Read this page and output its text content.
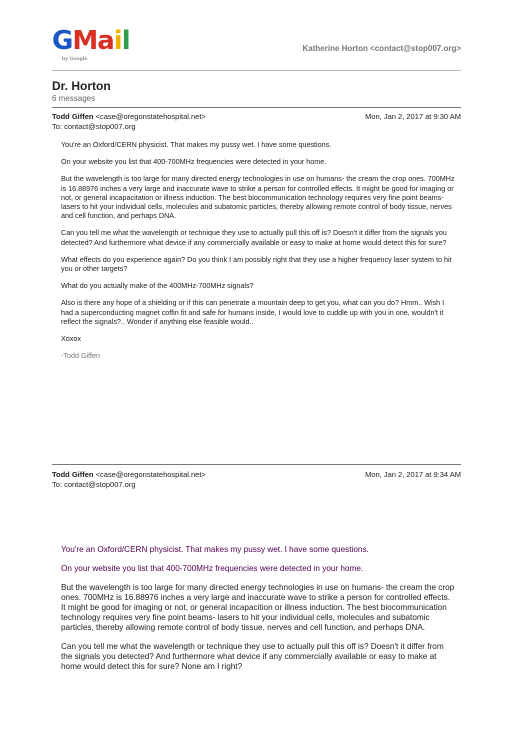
GMail
by Google
Katherine Horton <contact@stop007.org>
Dr. Horton
6 messages
Todd Giffen <case@oregonstatehospital.net>	Mon, Jan 2, 2017 at 9:30 AM
To: contact@stop007.org

You're an Oxford/CERN physicist. That makes my pussy wet. I have some questions.

On your website you list that 400-700MHz frequencies were detected in your home.

But the wavelength is too large for many directed energy technologies in use on humans- the cream the crop ones. 700MHz is 16.88976 inches a very large and inaccurate wave to strike a person for controlled effects. It might be good for imaging or not, or general incapacitation or illness induction. The best biocommunication technology requires very fine point beams- lasers to hit your individual cells, molecules and subatomic particles, thereby allowing remote control of body tissue, nerves and cell function, and perhaps DNA.

Can you tell me what the wavelength or technique they use to actually pull this off is? Doesn't it differ from the signals you detected? And furthermore what device if any commercially available or easy to make at home would detect this for sure?

What effects do you experience again? Do you think I am possibly right that they use a higher frequency laser system to hit you or other targets?

What do you actually make of the 400MHz-700MHz signals?

Also is there any hope of a shielding or if this can penetrate a mountain deep to get you, what can you do? Hmm.. Wish I had a superconducting magnet coffin fit and safe for humans inside, I would love to cuddle up with you in one, wouldn't it reflect the signals?.. Wonder if anything else feasible would..

Xoxox

-Todd Giffen

Todd Giffen <case@oregonstatehospital.net>	Mon, Jan 2, 2017 at 9:34 AM
To: contact@stop007.org

You're an Oxford/CERN physicist. That makes my pussy wet. I have some questions.

On your website you list that 400-700MHz frequencies were detected in your home.

But the wavelength is too large for many directed energy technologies in use on humans- the cream the crop ones. 700MHz is 16.88976 inches a very large and inaccurate wave to strike a person for controlled effects. It might be good for imaging or not, or general incapacition or illness induction. The best biocommunication technology requires very fine point beams- lasers to hit your individual cells, molecules and subatomic particles, thereby allowing remote control of body tissue, nerves and cell function, and perhaps DNA.

Can you tell me what the wavelength or technique they use to actually pull this off is? Doesn't it differ from the signals you detected? And furthermore what device if any commercially available or easy to make at home would detect this for sure? None am I right?
